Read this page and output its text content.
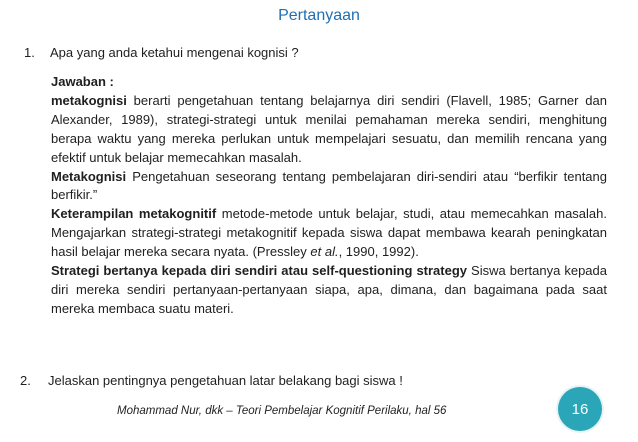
Pertanyaan
1. Apa yang anda ketahui mengenai kognisi ?

Jawaban :

metakognisi berarti pengetahuan tentang belajarnya diri sendiri (Flavell, 1985; Garner dan Alexander, 1989), strategi-strategi untuk menilai pemahaman mereka sendiri, menghitung berapa waktu yang mereka perlukan untuk mempelajari sesuatu, dan memilih rencana yang efektif untuk belajar memecahkan masalah.

Metakognisi Pengetahuan seseorang tentang pembelajaran diri-sendiri atau “berfikir tentang berfikir.”

Keterampilan metakognitif metode-metode untuk belajar, studi, atau memecahkan masalah. Mengajarkan strategi-strategi metakognitif kepada siswa dapat membawa kearah peningkatan hasil belajar mereka secara nyata. (Pressley et al., 1990, 1992).

Strategi bertanya kepada diri sendiri atau self-questioning strategy Siswa bertanya kepada diri mereka sendiri pertanyaan-pertanyaan siapa, apa, dimana, dan bagaimana pada saat mereka membaca suatu materi.

2. Jelaskan pentingnya pengetahuan latar belakang bagi siswa !
Mohammad Nur, dkk – Teori Pembelajar Kognitif Perilaku, hal 56	16
